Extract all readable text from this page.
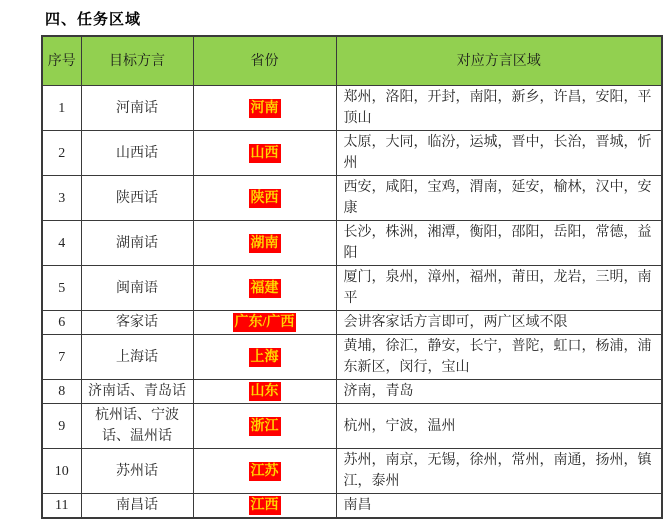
四、任务区域
序号	目标方言	省份	对应方言区域
1	河南话	河南	郑州，洛阳，开封，南阳，新乡，许昌，安阳，平顶山
2	山西话	山西	太原，大同，临汾，运城，晋中，长治，晋城，忻州
3	陕西话	陕西	西安，咸阳，宝鸡，渭南，延安，榆林，汉中，安康
4	湖南话	湖南	长沙，株洲，湘潭，衡阳，邵阳，岳阳，常德，益阳
5	闽南语	福建	厦门，泉州，漳州，福州，莆田，龙岩，三明，南平
6	客家话	广东/广西	会讲客家话方言即可，两广区域不限
7	上海话	上海	黄埔，徐汇，静安，长宁，普陀，虹口，杨浦，浦东新区，闵行，宝山
8	济南话、青岛话	山东	济南，青岛
9	杭州话、宁波话、温州话	浙江	杭州，宁波，温州
10	苏州话	江苏	苏州，南京，无锡，徐州，常州，南通，扬州，镇江，泰州
11	南昌话	江西	南昌
